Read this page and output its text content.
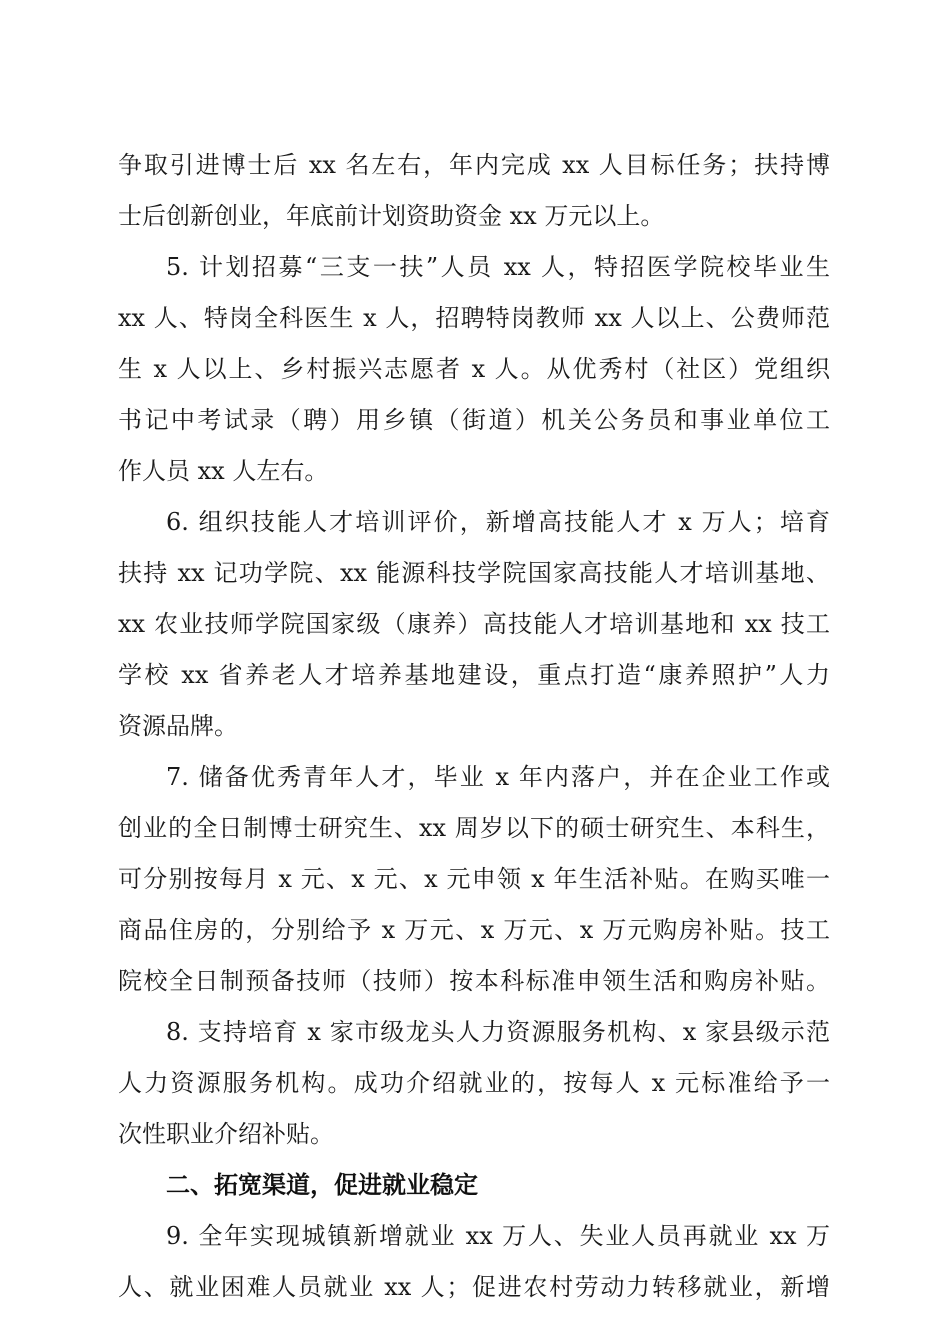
争取引进博士后 xx 名左右，年内完成 xx 人目标任务；扶持博
士后创新创业，年底前计划资助资金 xx 万元以上。
5. 计划招募“三支一扶”人员 xx 人，特招医学院校毕业生
xx 人、特岗全科医生 x 人，招聘特岗教师 xx 人以上、公费师范
生 x 人以上、乡村振兴志愿者 x 人。从优秀村（社区）党组织
书记中考试录（聘）用乡镇（街道）机关公务员和事业单位工
作人员 xx 人左右。
6. 组织技能人才培训评价，新增高技能人才 x 万人；培育
扶持 xx 记功学院、xx 能源科技学院国家高技能人才培训基地、
xx 农业技师学院国家级（康养）高技能人才培训基地和 xx 技工
学校 xx 省养老人才培养基地建设，重点打造“康养照护”人力
资源品牌。
7. 储备优秀青年人才，毕业 x 年内落户，并在企业工作或
创业的全日制博士研究生、xx 周岁以下的硕士研究生、本科生，
可分别按每月 x 元、x 元、x 元申领 x 年生活补贴。在购买唯一
商品住房的，分别给予 x 万元、x 万元、x 万元购房补贴。技工
院校全日制预备技师（技师）按本科标准申领生活和购房补贴。
8. 支持培育 x 家市级龙头人力资源服务机构、x 家县级示范
人力资源服务机构。成功介绍就业的，按每人 x 元标准给予一
次性职业介绍补贴。
二、拓宽渠道，促进就业稳定
9. 全年实现城镇新增就业 xx 万人、失业人员再就业 xx 万
人、就业困难人员就业 xx 人；促进农村劳动力转移就业，新增
